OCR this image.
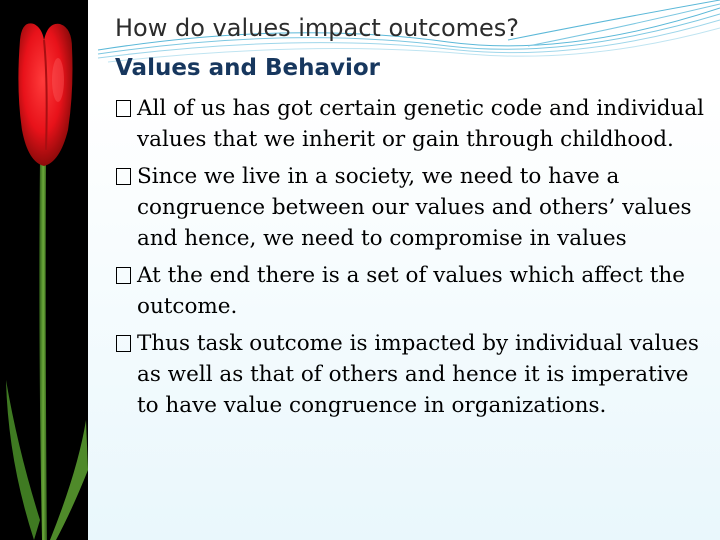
How do values impact outcomes?
Values and Behavior
All of us has got certain genetic code and individual values that we inherit or gain through childhood.
Since we live in a society, we need to have a congruence between our values and others’ values and hence, we need to compromise in values
At the end there is a set of values which affect the outcome.
Thus task outcome is impacted by individual values as well as that of others and hence it is imperative to have value congruence in organizations.
